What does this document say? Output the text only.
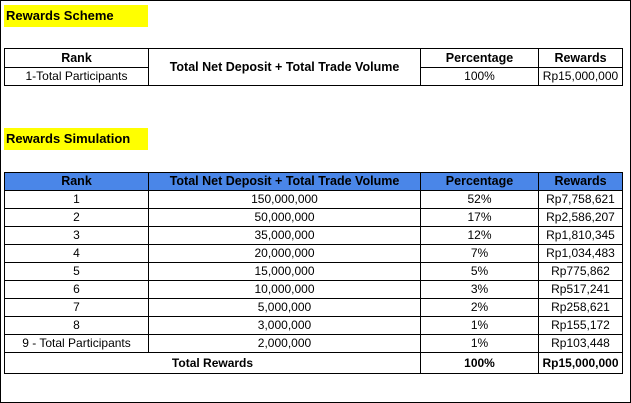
Rewards Scheme
Rank	Total Net Deposit + Total Trade Volume	Percentage	Rewards
1-Total Participants		100%	Rp15,000,000
Rewards Simulation
Rank	Total Net Deposit + Total Trade Volume	Percentage	Rewards
1	150,000,000	52%	Rp7,758,621
2	50,000,000	17%	Rp2,586,207
3	35,000,000	12%	Rp1,810,345
4	20,000,000	7%	Rp1,034,483
5	15,000,000	5%	Rp775,862
6	10,000,000	3%	Rp517,241
7	5,000,000	2%	Rp258,621
8	3,000,000	1%	Rp155,172
9 - Total Participants	2,000,000	1%	Rp103,448
Total Rewards		100%	Rp15,000,000
